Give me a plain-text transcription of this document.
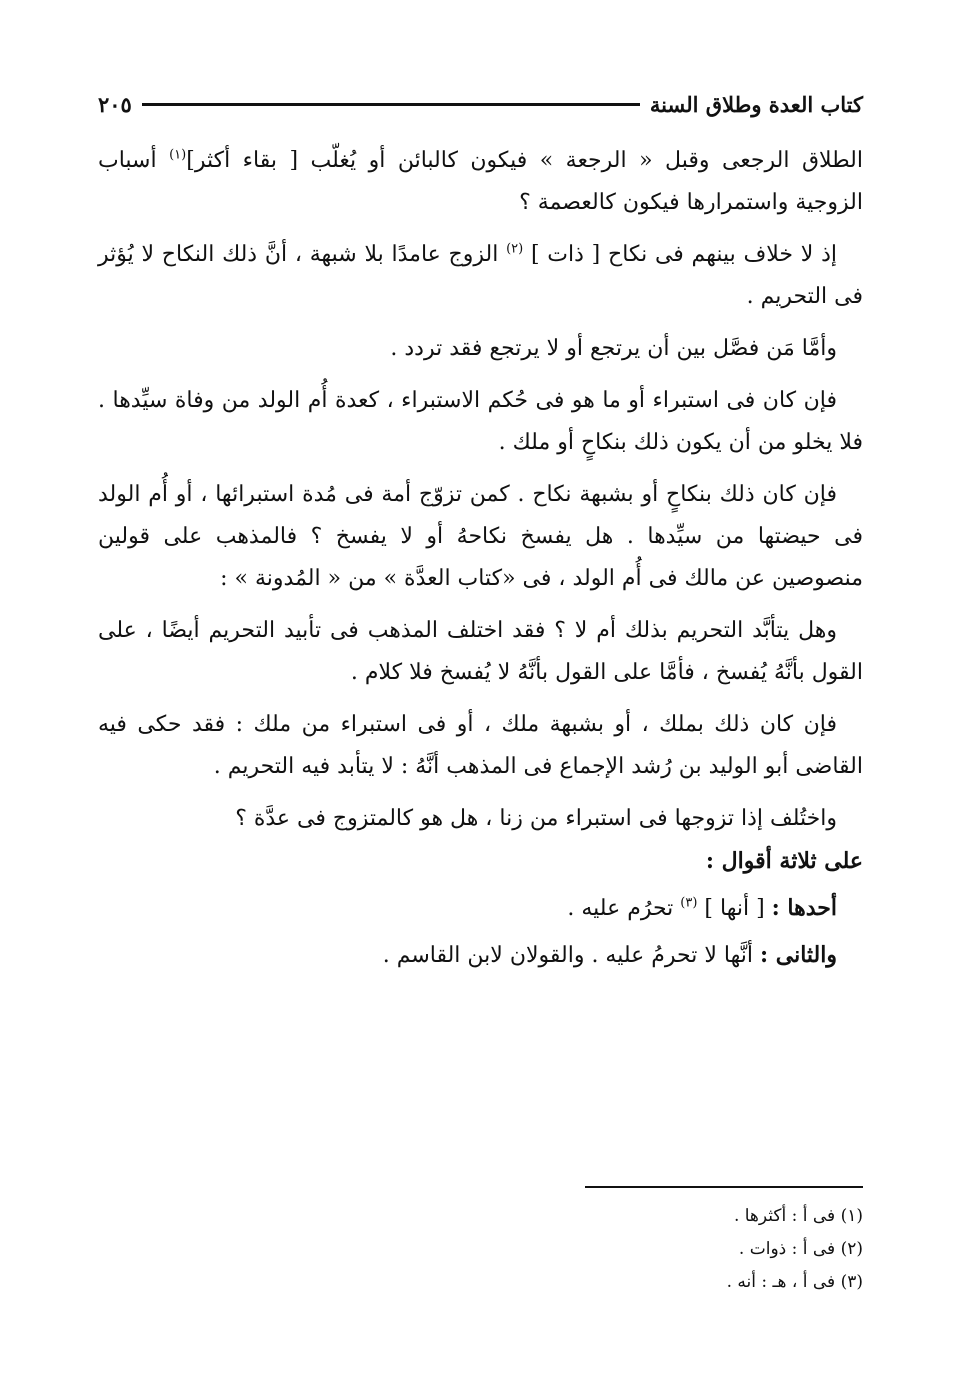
كتاب العدة وطلاق السنة
٢٠٥

الطلاق الرجعى وقبل « الرجعة » فيكون كالبائن أو يُغلّب [ بقاء أكثر]$^{(١)}$ أسباب الزوجية واستمرارها فيكون كالعصمة ؟

إذ لا خلاف بينهم فى نكاح [ ذات ] $^{(٢)}$ الزوج عامدًا بلا شبهة ، أنَّ ذلك النكاح لا يُؤثر فى التحريم .

وأمَّا مَن فصَّل بين أن يرتجع أو لا يرتجع فقد تردد .

فإن كان فى استبراء أو ما هو فى حُكم الاستبراء ، كعدة أُم الولد من وفاة سيِّدها . فلا يخلو من أن يكون ذلك بنكاحٍ أو ملك .

فإن كان ذلك بنكاحٍ أو بشبهة نكاح . كمن تزوّج أمة فى مُدة استبرائها ، أو أُم الولد فى حيضتها من سيِّدها . هل يفسخ نكاحهُ أو لا يفسخ ؟ فالمذهب على قولين منصوصين عن مالك فى أُم الولد ، فى «كتاب العدَّة » من « المُدونة » :

وهل يتأبَّد التحريم بذلك أم لا ؟ فقد اختلف المذهب فى تأبيد التحريم أيضًا ، على القول بأنَّهُ يُفسخ ، فأمَّا على القول بأنَّهُ لا يُفسخ فلا كلام .

فإن كان ذلك بملك ، أو بشبهة ملك ، أو فى استبراء من ملك : فقد حكى فيه القاضى أبو الوليد بن رُشد الإجماع فى المذهب أنَّهُ : لا يتأبد فيه التحريم .

واختُلف إذا تزوجها فى استبراء من زنا ، هل هو كالمتزوج فى عدَّة ؟
على ثلاثة أقوال :

أحدها : [ أنها ] $^{(٣)}$ تحرُم عليه .

والثانى : أنَّها لا تحرمُ عليه . والقولان لابن القاسم .

(١) فى أ : أكثرها .

(٢) فى أ : ذوات .

(٣) فى أ ، هـ : أنه .
